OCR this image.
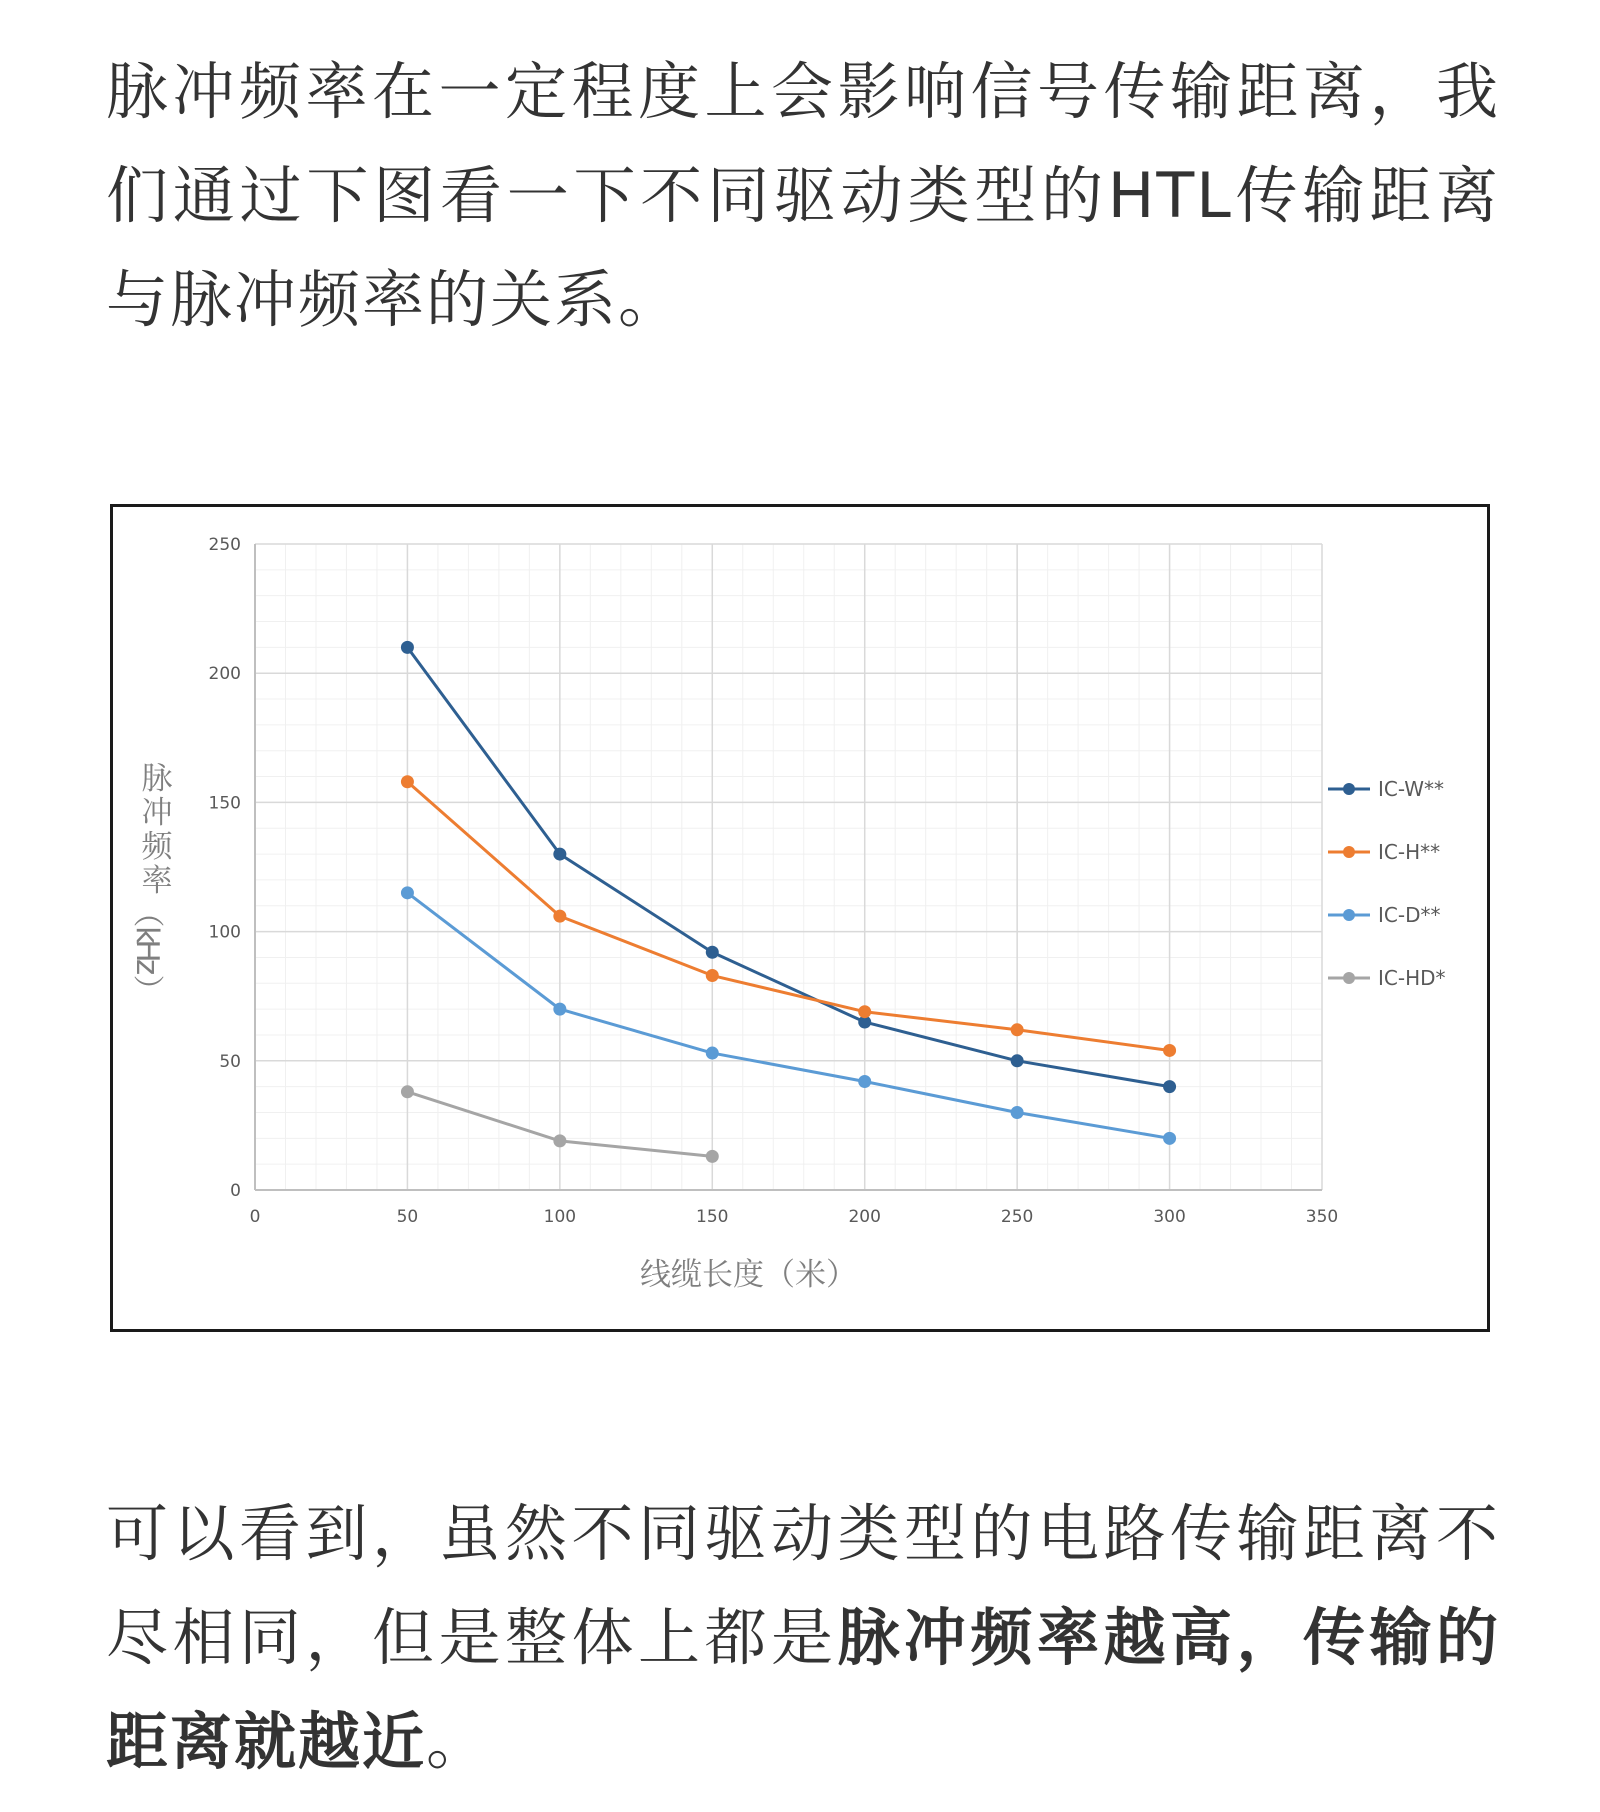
脉冲频率在一定程度上会影响信号传输距离，我们通过下图看一下不同驱动类型的HTL传输距离与脉冲频率的关系。

0	50	100	150	200	250	300	350
0
50
100
150
200
250
IC-W**
IC-H**
IC-D**
IC-HD*
线缆长度（米）
脉
冲
频
率
（
k
H
z
）

可以看到，虽然不同驱动类型的电路传输距离不尽相同，但是整体上都是脉冲频率越高，传输的距离就越近。
